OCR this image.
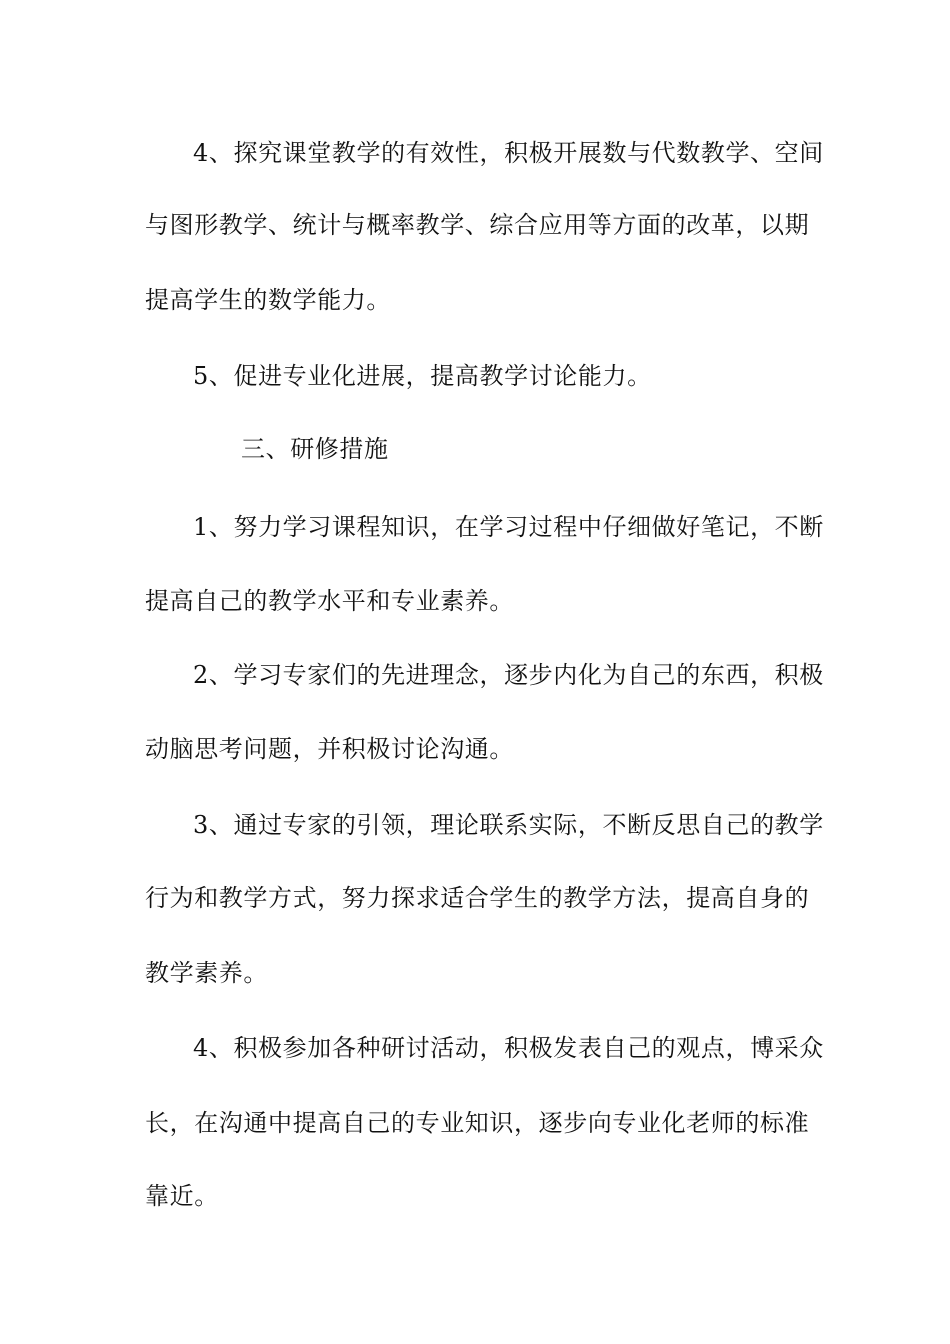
4、探究课堂教学的有效性，积极开展数与代数教学、空间
与图形教学、统计与概率教学、综合应用等方面的改革，以期
提高学生的数学能力。
5、促进专业化进展，提高教学讨论能力。
三、研修措施
1、努力学习课程知识，在学习过程中仔细做好笔记，不断
提高自己的教学水平和专业素养。
2、学习专家们的先进理念，逐步内化为自己的东西，积极
动脑思考问题，并积极讨论沟通。
3、通过专家的引领，理论联系实际，不断反思自己的教学
行为和教学方式，努力探求适合学生的教学方法，提高自身的
教学素养。
4、积极参加各种研讨活动，积极发表自己的观点，博采众
长，在沟通中提高自己的专业知识，逐步向专业化老师的标准
靠近。
